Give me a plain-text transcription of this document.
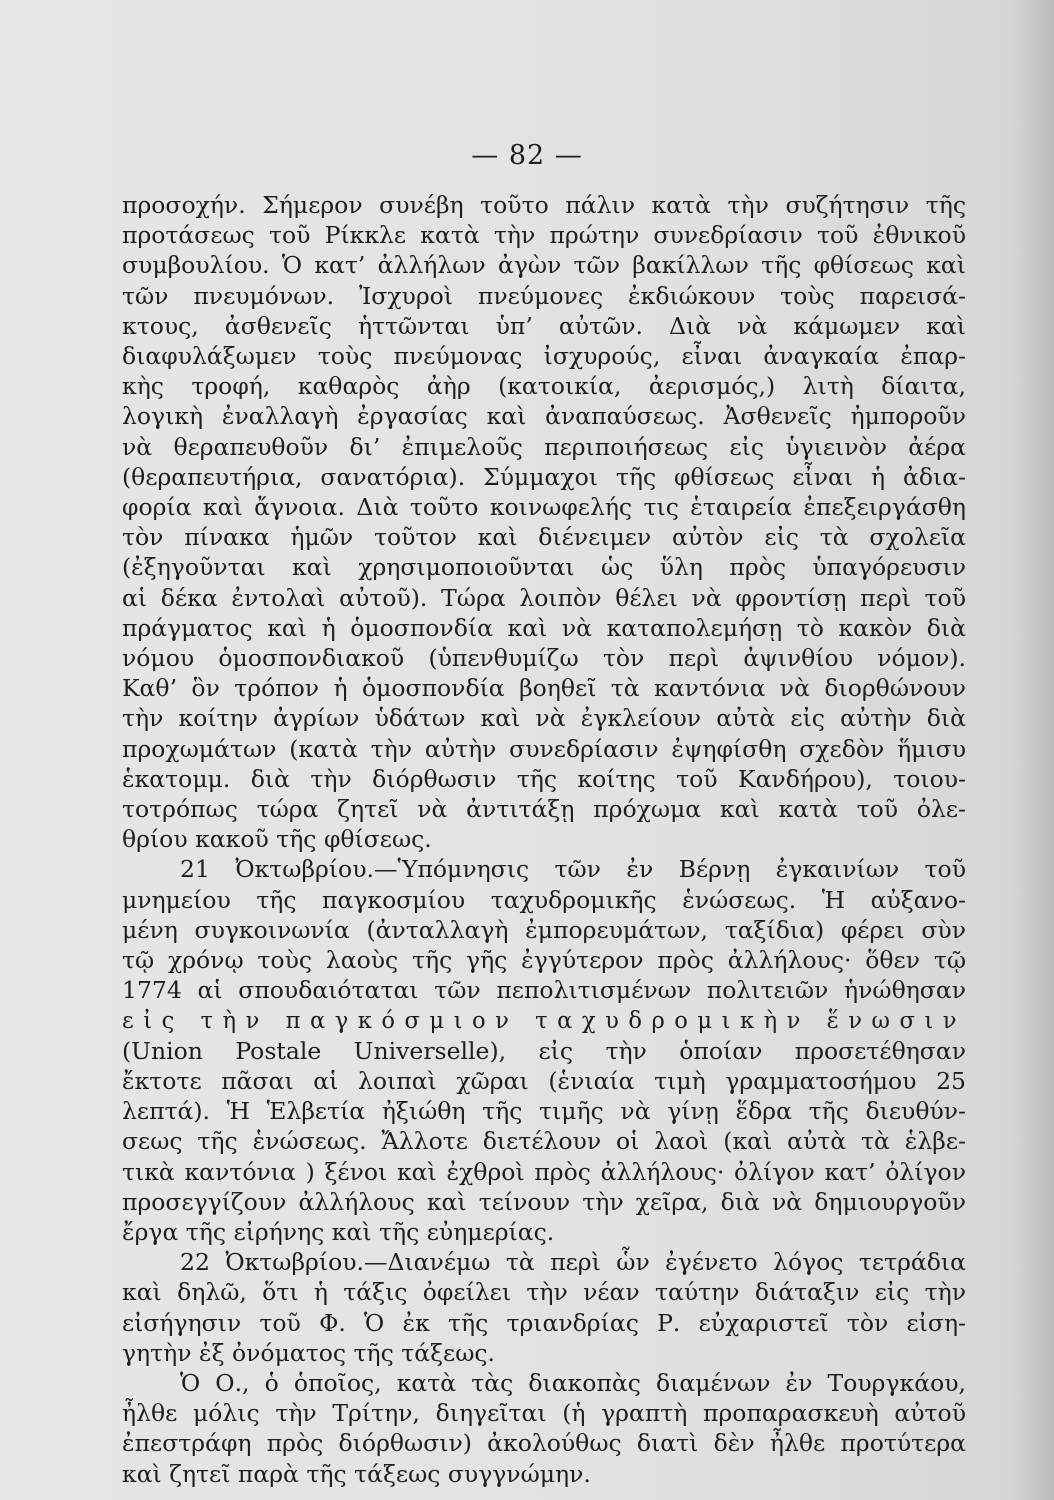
— 82 —
προσοχήν. Σήμερον συνέβη τοῦτο πάλιν κατὰ τὴν συζήτησιν τῆς
προτάσεως τοῦ Ρίκκλε κατὰ τὴν πρώτην συνεδρίασιν τοῦ ἐθνικοῦ
συμβουλίου. Ὁ κατ’ ἀλλήλων ἀγὼν τῶν βακίλλων τῆς φθίσεως καὶ
τῶν πνευμόνων. Ἰσχυροὶ πνεύμονες ἐκδιώκουν τοὺς παρεισά-
κτους, ἀσθενεῖς ἡττῶνται ὑπ’ αὐτῶν. Διὰ νὰ κάμωμεν καὶ
διαφυλάξωμεν τοὺς πνεύμονας ἰσχυρούς, εἶναι ἀναγκαία ἐπαρ-
κὴς τροφή, καθαρὸς ἀὴρ (κατοικία, ἀερισμός,) λιτὴ δίαιτα,
λογικὴ ἐναλλαγὴ ἐργασίας καὶ ἀναπαύσεως. Ἀσθενεῖς ἠμποροῦν
νὰ θεραπευθοῦν δι’ ἐπιμελοῦς περιποιήσεως εἰς ὑγιεινὸν ἀέρα
(θεραπευτήρια, σανατόρια). Σύμμαχοι τῆς φθίσεως εἶναι ἡ ἀδια-
φορία καὶ ἄγνοια. Διὰ τοῦτο κοινωφελής τις ἑταιρεία ἐπεξειργάσθη
τὸν πίνακα ἡμῶν τοῦτον καὶ διένειμεν αὐτὸν εἰς τὰ σχολεῖα
(ἐξηγοῦνται καὶ χρησιμοποιοῦνται ὡς ὕλη πρὸς ὑπαγόρευσιν
αἱ δέκα ἐντολαὶ αὐτοῦ). Τώρα λοιπὸν θέλει νὰ φροντίσῃ περὶ τοῦ
πράγματος καὶ ἡ ὁμοσπονδία καὶ νὰ καταπολεμήσῃ τὸ κακὸν διὰ
νόμου ὁμοσπονδιακοῦ (ὑπενθυμίζω τὸν περὶ ἀψινθίου νόμον).
Καθ’ ὃν τρόπον ἡ ὁμοσπονδία βοηθεῖ τὰ καντόνια νὰ διορθώνουν
τὴν κοίτην ἀγρίων ὑδάτων καὶ νὰ ἐγκλείουν αὐτὰ εἰς αὐτὴν διὰ
προχωμάτων (κατὰ τὴν αὐτὴν συνεδρίασιν ἐψηφίσθη σχεδὸν ἥμισυ
ἑκατομμ. διὰ τὴν διόρθωσιν τῆς κοίτης τοῦ Κανδήρου), τοιου-
τοτρόπως τώρα ζητεῖ νὰ ἀντιτάξῃ πρόχωμα καὶ κατὰ τοῦ ὀλε-
θρίου κακοῦ τῆς φθίσεως.
21 Ὀκτωβρίου.—Ὑπόμνησις τῶν ἐν Βέρνῃ ἐγκαινίων τοῦ
μνημείου τῆς παγκοσμίου ταχυδρομικῆς ἑνώσεως. Ἡ αὐξανο-
μένη συγκοινωνία (ἀνταλλαγὴ ἐμπορευμάτων, ταξίδια) φέρει σὺν
τῷ χρόνῳ τοὺς λαοὺς τῆς γῆς ἐγγύτερον πρὸς ἀλλήλους· ὅθεν τῷ
1774 αἱ σπουδαιόταται τῶν πεπολιτισμένων πολιτειῶν ἡνώθησαν
εἰς τὴν παγκόσμιον ταχυδρομικὴν ἕνωσιν
(Union Postale Universelle), εἰς τὴν ὁποίαν προσετέθησαν
ἔκτοτε πᾶσαι αἱ λοιπαὶ χῶραι (ἑνιαία τιμὴ γραμματοσήμου 25
λεπτά). Ἡ Ἑλβετία ἠξιώθη τῆς τιμῆς νὰ γίνῃ ἕδρα τῆς διευθύν-
σεως τῆς ἑνώσεως. Ἄλλοτε διετέλουν οἱ λαοὶ (καὶ αὐτὰ τὰ ἑλβε-
τικὰ καντόνια ) ξένοι καὶ ἐχθροὶ πρὸς ἀλλήλους· ὀλίγον κατ’ ὀλίγον
προσεγγίζουν ἀλλήλους καὶ τείνουν τὴν χεῖρα, διὰ νὰ δημιουργοῦν
ἔργα τῆς εἰρήνης καὶ τῆς εὐημερίας.
22 Ὀκτωβρίου.—Διανέμω τὰ περὶ ὧν ἐγένετο λόγος τετράδια
καὶ δηλῶ, ὅτι ἡ τάξις ὀφείλει τὴν νέαν ταύτην διάταξιν εἰς τὴν
εἰσήγησιν τοῦ Φ. Ὁ ἐκ τῆς τριανδρίας Ρ. εὐχαριστεῖ τὸν εἰση-
γητὴν ἐξ ὀνόματος τῆς τάξεως.
Ὁ Ο., ὁ ὁποῖος, κατὰ τὰς διακοπὰς διαμένων ἐν Τουργκάου,
ἦλθε μόλις τὴν Τρίτην, διηγεῖται (ἡ γραπτὴ προπαρασκευὴ αὐτοῦ
ἐπεστράφη πρὸς διόρθωσιν) ἀκολούθως διατὶ δὲν ἦλθε προτύτερα
καὶ ζητεῖ παρὰ τῆς τάξεως συγγνώμην.
